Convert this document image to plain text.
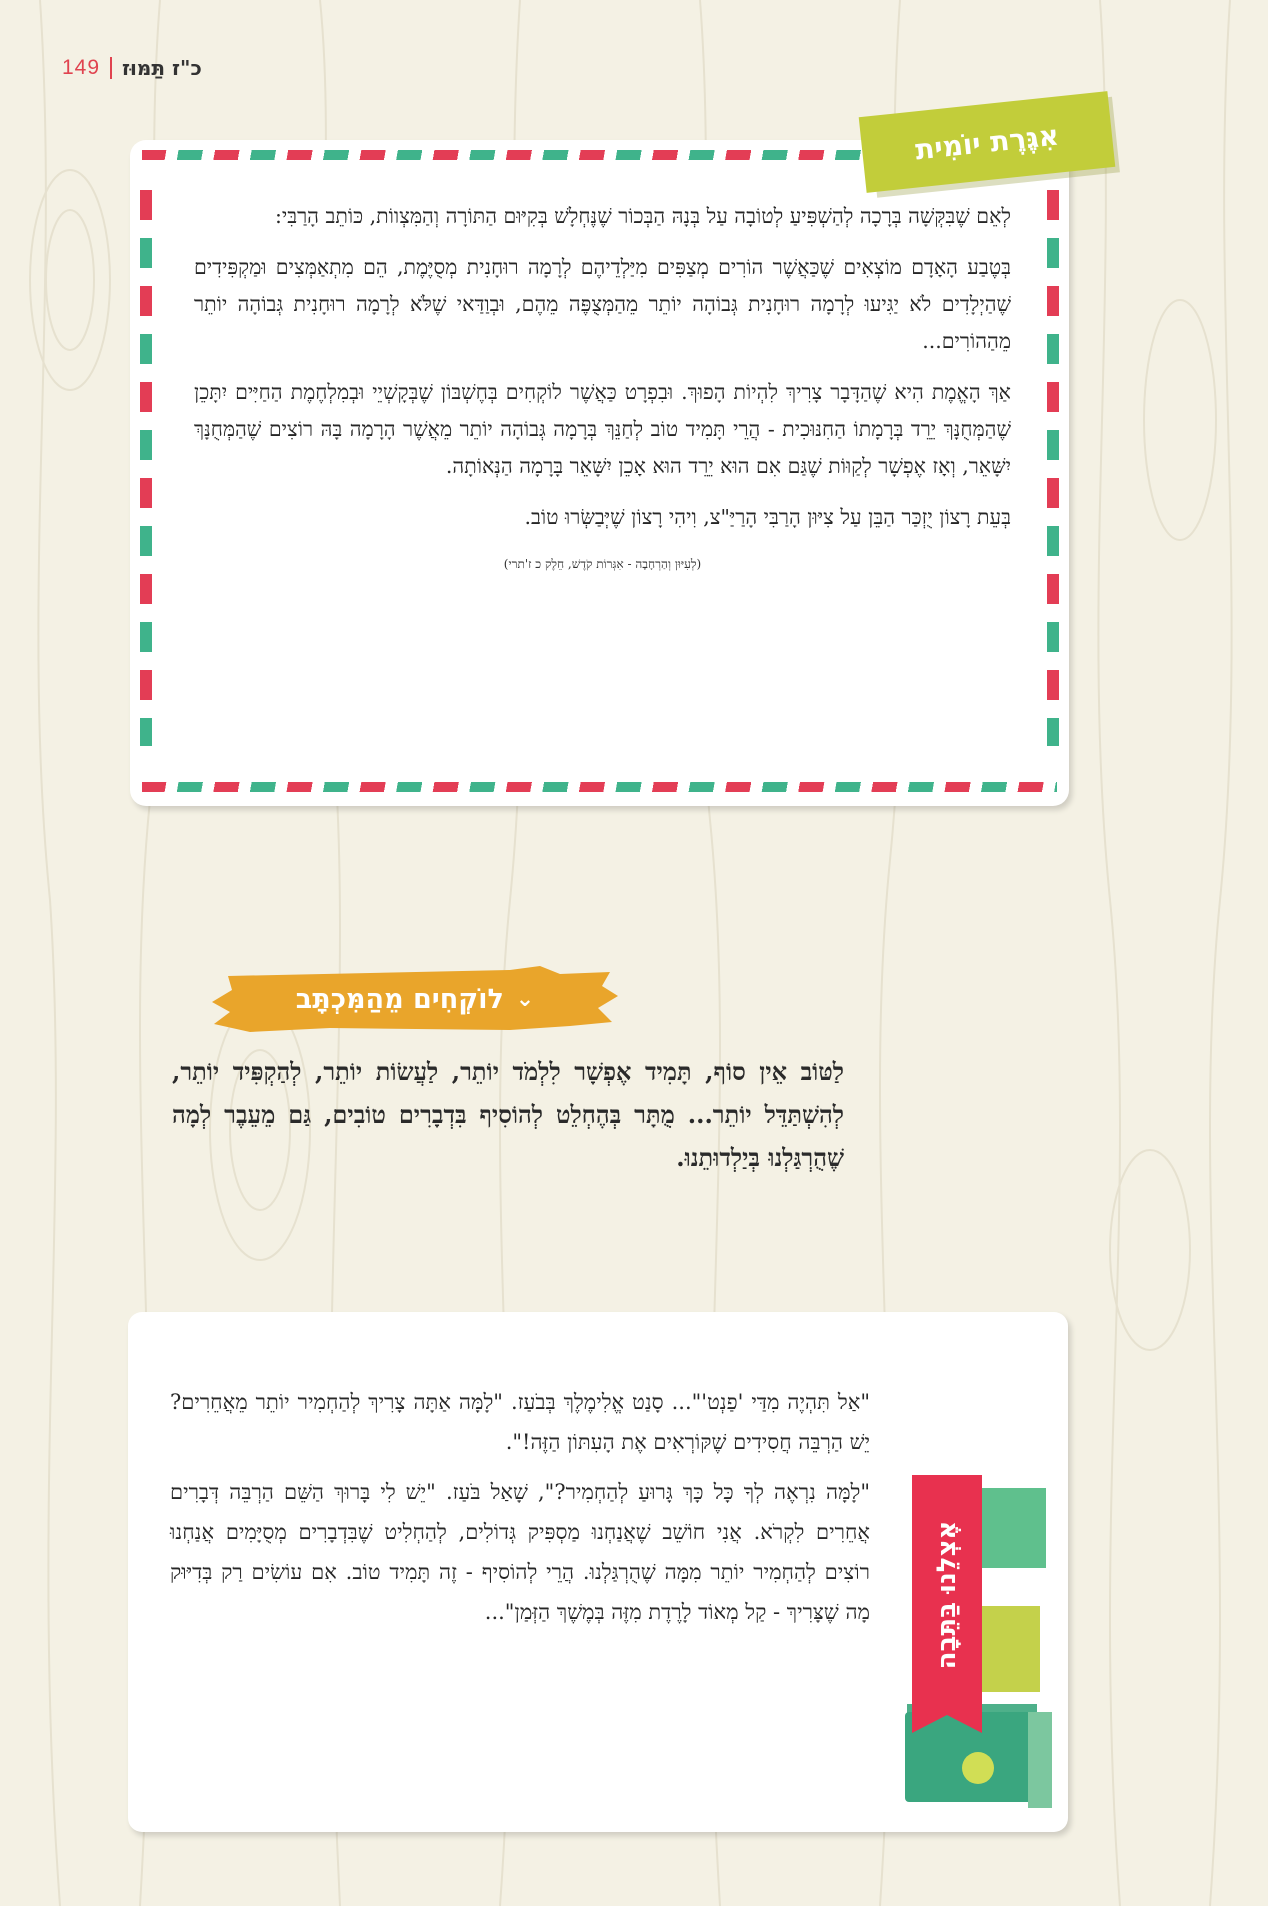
149 כ"ז תַּמּוּז

לְאֵם שֶׁבִּקְּשָׁה בְּרָכָה לְהַשְׁפִּיעַ לְטוֹבָה עַל בְּנָהּ הַבְּכוֹר שֶׁנֶּחְלָשׁ בְּקִיּוּם הַתּוֹרָה וְהַמִּצְווֹת, כּוֹתֵב הָרַבִּי:

בְּטֶבַע הָאָדָם מוֹצְאִים שֶׁכַּאֲשֶׁר הוֹרִים מְצַפִּים מִיַּלְדֵיהֶם לְרָמָה רוּחָנִית מְסֻיֶּמֶת, הֵם מִתְאַמְּצִים וּמַקְפִּידִים שֶׁהַיְלָדִים לֹא יַגִּיעוּ לְרָמָה רוּחָנִית גְּבוֹהָה יוֹתֵר מֵהַמְּצֻפֶּה מֵהֶם, וּבְוַדַּאי שֶׁלֹּא לְרָמָה רוּחָנִית גְּבוֹהָה יוֹתֵר מֵהַהוֹרִים...

אַךְ הָאֱמֶת הִיא שֶׁהַדָּבָר צָרִיךְ לִהְיוֹת הָפוּךְ. וּבִפְרָט כַּאֲשֶׁר לוֹקְחִים בְּחֶשְׁבּוֹן שֶׁבְּקָשְׁיֵי וּבְמִלְחֶמֶת הַחַיִּים יִתָּכֵן שֶׁהַמְּחֻנָּךְ יֵרֵד בְּרָמָתוֹ הַחִנּוּכִית - הֲרֵי תָּמִיד טוֹב לְחַנֵּךְ בְּרָמָה גְּבוֹהָה יוֹתֵר מֵאֲשֶׁר הָרָמָה בָּהּ רוֹצִים שֶׁהַמְּחֻנָּךְ יִשָּׁאֵר, וְאָז אֶפְשָׁר לְקַוּוֹת שֶׁגַּם אִם הוּא יֵרֵד הוּא אָכֵן יִשָּׁאֵר בָּרָמָה הַנְּאוֹתָה.

בְּעֵת רָצוֹן יֻזְכַּר הַבֵּן עַל צִיּוּן הָרַבִּי הָרַיַּ"צ, וִיהִי רָצוֹן שֶׁיְּבַשְּׂרוּ טוֹב.

(לְעִיּוּן וְהַרְחָבָה - אִגְּרוֹת קֹדֶשׁ, חֵלֶק כ ז'תרי)

אִגֶּרֶת יוֹמִית
⌄
לוֹקְחִים מֵהַמִּכְתָּב

לַטּוֹב אֵין סוֹף, תָּמִיד אֶפְשָׁר לִלְמֹד יוֹתֵר, לַעֲשׂוֹת יוֹתֵר, לְהַקְפִּיד יוֹתֵר, לְהִשְׁתַּדֵּל יוֹתֵר... מֻתָּר בְּהֶחְלֵט לְהוֹסִיף בִּדְבָרִים טוֹבִים, גַּם מֵעֵבֶר לְמָה שֶׁהֻרְגַּלְנוּ בְּיַלְדוּתֵנוּ.

"אַל תִּהְיֶה מִדַּי 'פַנְט'"... סָנַט אֱלִימֶלֶךְ בְּבֹעַז. "לָמָּה אַתָּה צָרִיךְ לְהַחְמִיר יוֹתֵר מֵאֲחֵרִים? יֵשׁ הַרְבֵּה חֲסִידִים שֶׁקּוֹרְאִים אֶת הָעִתּוֹן הַזֶּה!".

"לָמָּה נִרְאֶה לְךָ כָּל כָּךְ גָּרוּעַ לְהַחְמִיר?", שָׁאַל בֹּעַז. "יֵשׁ לִי בָּרוּךְ הַשֵּׁם הַרְבֵּה דְּבָרִים אֲחֵרִים לִקְרֹא. אֲנִי חוֹשֵׁב שֶׁאֲנַחְנוּ מַסְפִּיק גְּדוֹלִים, לְהַחְלִיט שֶׁבִּדְבָרִים מְסֻיָּמִים אֲנַחְנוּ רוֹצִים לְהַחְמִיר יוֹתֵר מִמָּה שֶׁהֻרְגַּלְנוּ. הֲרֵי לְהוֹסִיף - זֶה תָּמִיד טוֹב. אִם עוֹשִׂים רַק בְּדִיּוּק מָה שֶׁצָּרִיךְ - קַל מְאוֹד לָרֶדֶת מִזֶּה בְּמֶשֶׁךְ הַזְּמַן"... אֶצְלֵנוּ בַּתֵּבָה
